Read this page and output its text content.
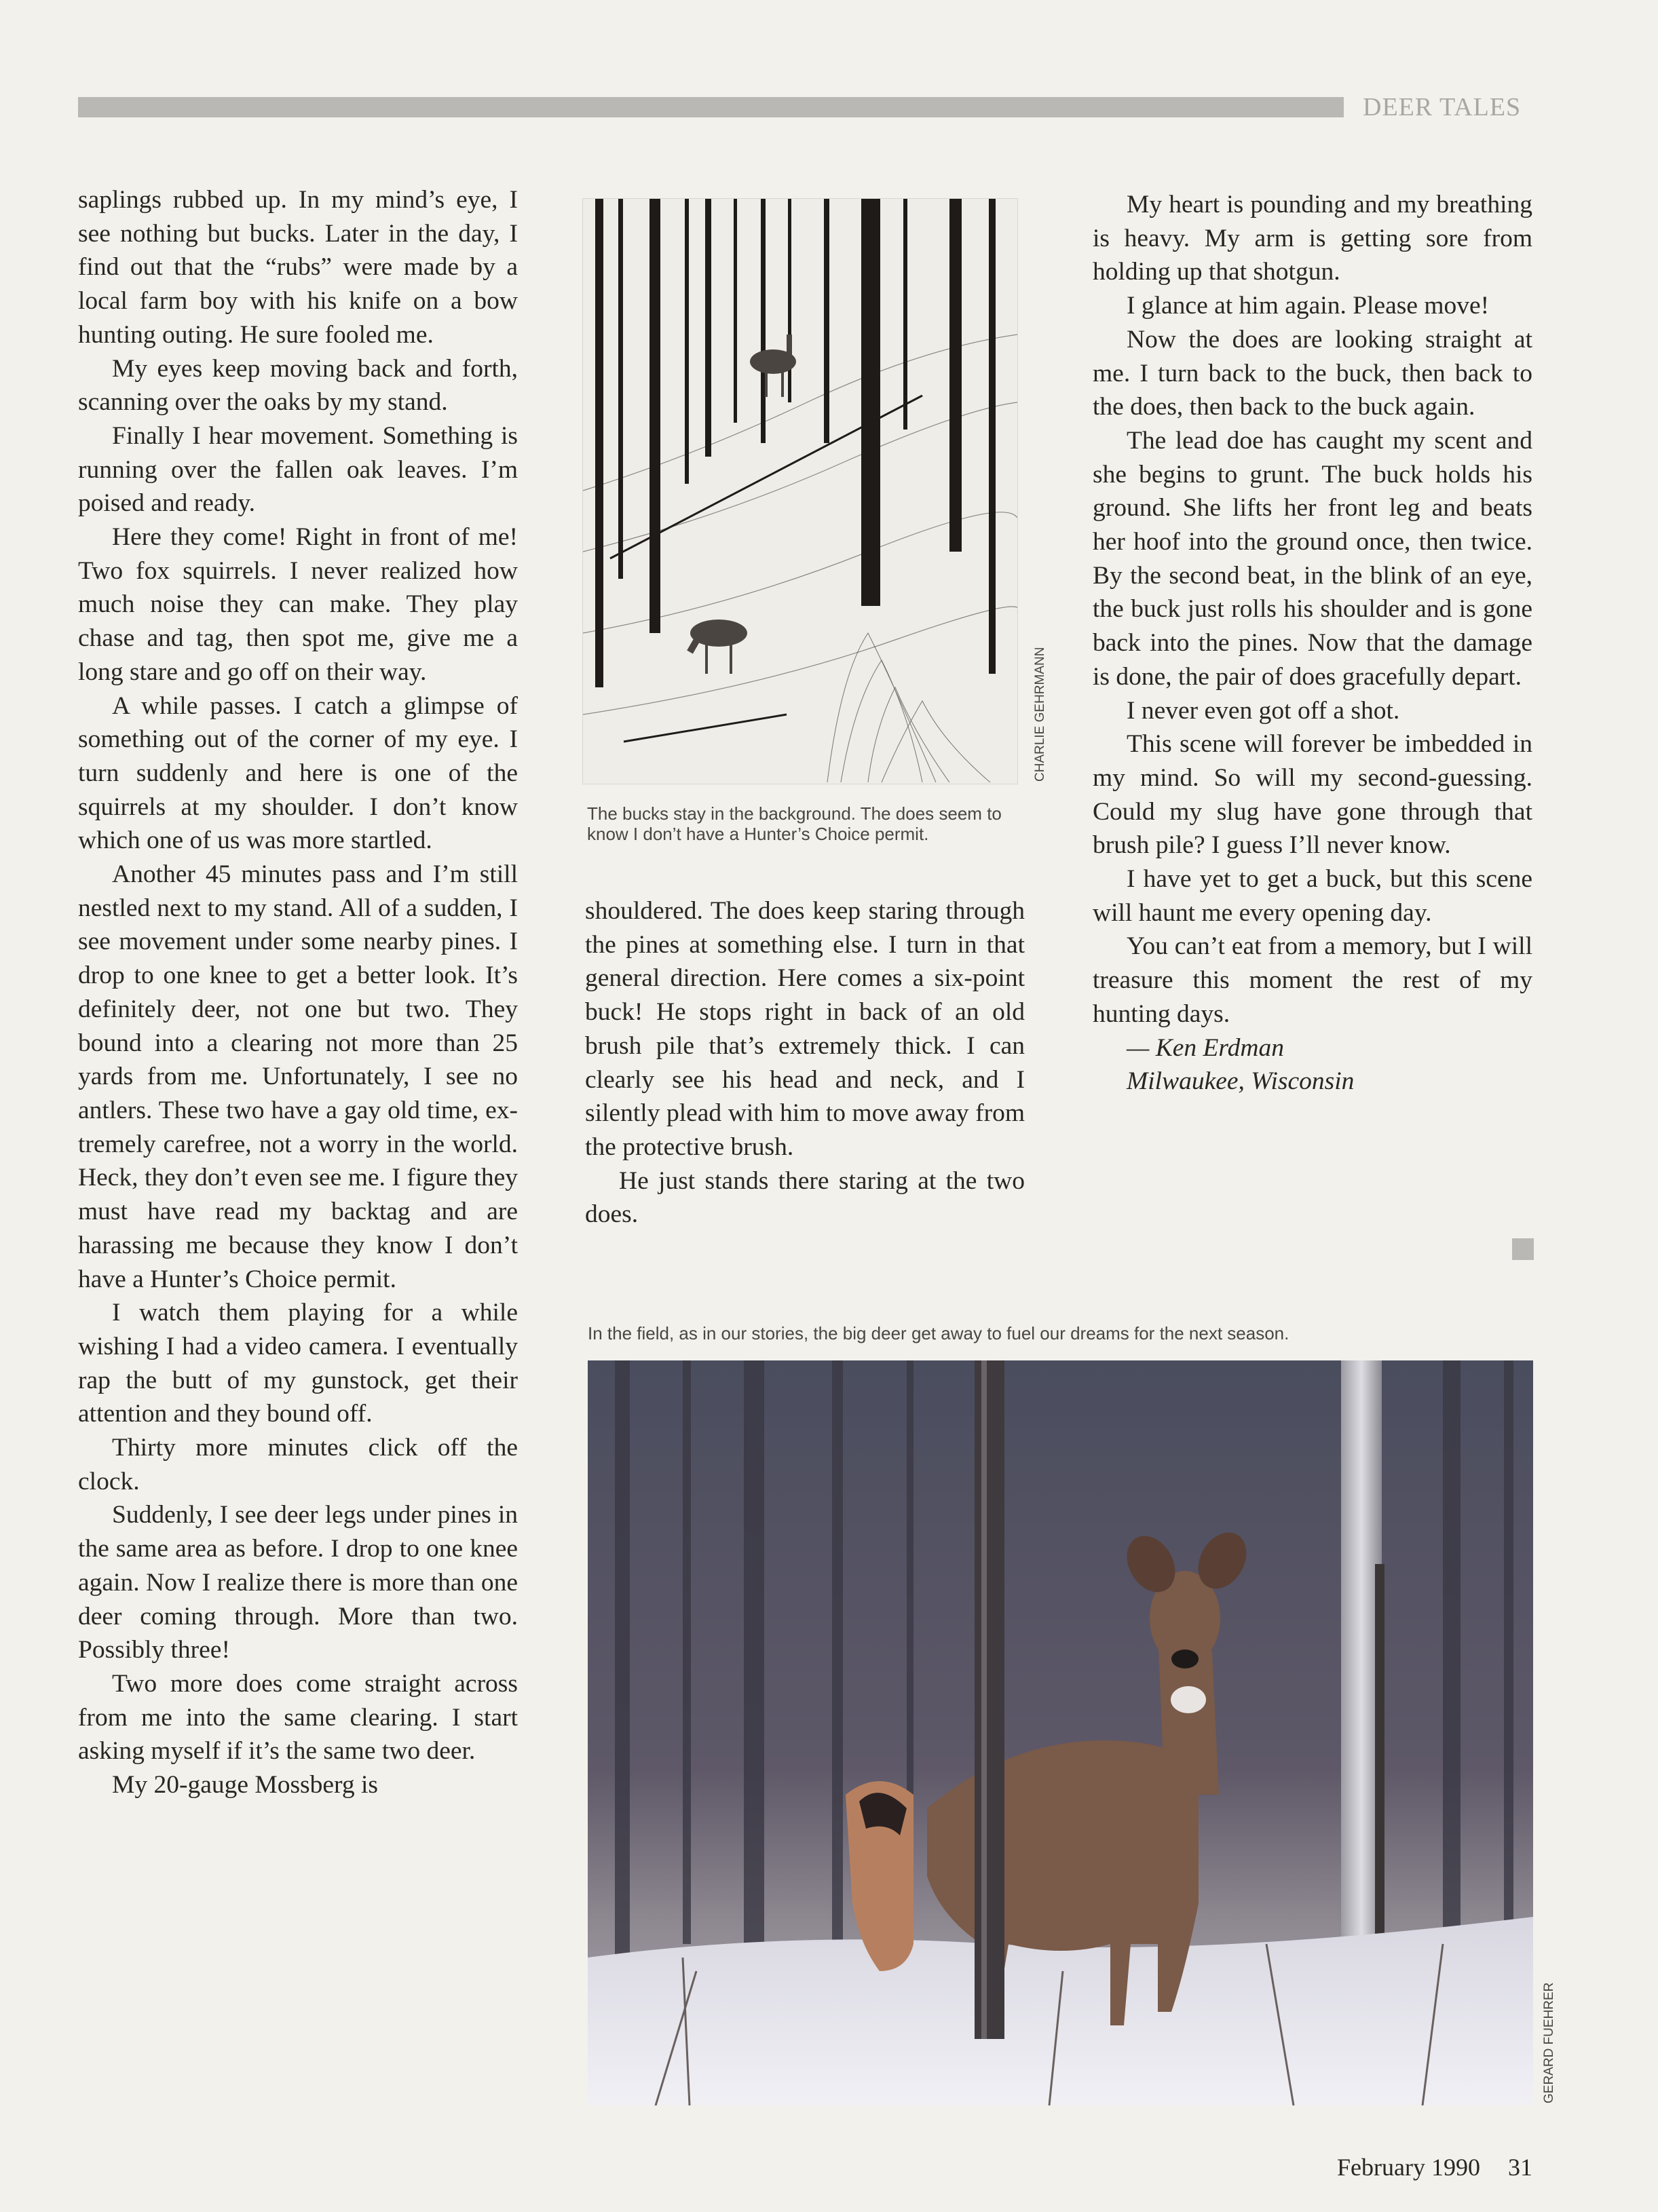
DEER TALES

saplings rubbed up. In my mind’s eye, I see nothing but bucks. Later in the day, I find out that the “rubs” were made by a local farm boy with his knife on a bow hunting outing. He sure fooled me.

My eyes keep moving back and forth, scanning over the oaks by my stand.

Finally I hear movement. Something is running over the fallen oak leaves. I’m poised and ready.

Here they come! Right in front of me! Two fox squirrels. I never realized how much noise they can make. They play chase and tag, then spot me, give me a long stare and go off on their way.

A while passes. I catch a glimpse of something out of the corner of my eye. I turn suddenly and here is one of the squirrels at my shoulder. I don’t know which one of us was more startled.

Another 45 minutes pass and I’m still nestled next to my stand. All of a sudden, I see movement under some nearby pines. I drop to one knee to get a better look. It’s definitely deer, not one but two. They bound into a clearing not more than 25 yards from me. Unfortunately, I see no antlers. These two have a gay old time, extremely carefree, not a worry in the world. Heck, they don’t even see me. I figure they must have read my backtag and are harassing me because they know I don’t have a Hunter’s Choice permit.

I watch them playing for a while wishing I had a video camera. I eventually rap the butt of my gunstock, get their attention and they bound off.

Thirty more minutes click off the clock.

Suddenly, I see deer legs under pines in the same area as before. I drop to one knee again. Now I realize there is more than one deer coming through. More than two. Possibly three!

Two more does come straight across from me into the same clearing. I start asking myself if it’s the same two deer.

My 20-gauge Mossberg is

The bucks stay in the background. The does seem to know I don’t have a Hunter’s Choice permit.
CHARLIE GEHRMANN

shouldered. The does keep staring through the pines at something else. I turn in that general direction. Here comes a six-point buck! He stops right in back of an old brush pile that’s extremely thick. I can clearly see his head and neck, and I silently plead with him to move away from the protective brush.

He just stands there staring at the two does.

My heart is pounding and my breathing is heavy. My arm is getting sore from holding up that shotgun.

I glance at him again. Please move!

Now the does are looking straight at me. I turn back to the buck, then back to the does, then back to the buck again.

The lead doe has caught my scent and she begins to grunt. The buck holds his ground. She lifts her front leg and beats her hoof into the ground once, then twice. By the second beat, in the blink of an eye, the buck just rolls his shoulder and is gone back into the pines. Now that the damage is done, the pair of does gracefully depart.

I never even got off a shot.

This scene will forever be imbedded in my mind. So will my second-guessing. Could my slug have gone through that brush pile? I guess I’ll never know.

I have yet to get a buck, but this scene will haunt me every opening day.

You can’t eat from a memory, but I will treasure this moment the rest of my hunting days.

— Ken Erdman

Milwaukee, Wisconsin

In the field, as in our stories, the big deer get away to fuel our dreams for the next season.
GERARD FUEHRER
February 1990 31
